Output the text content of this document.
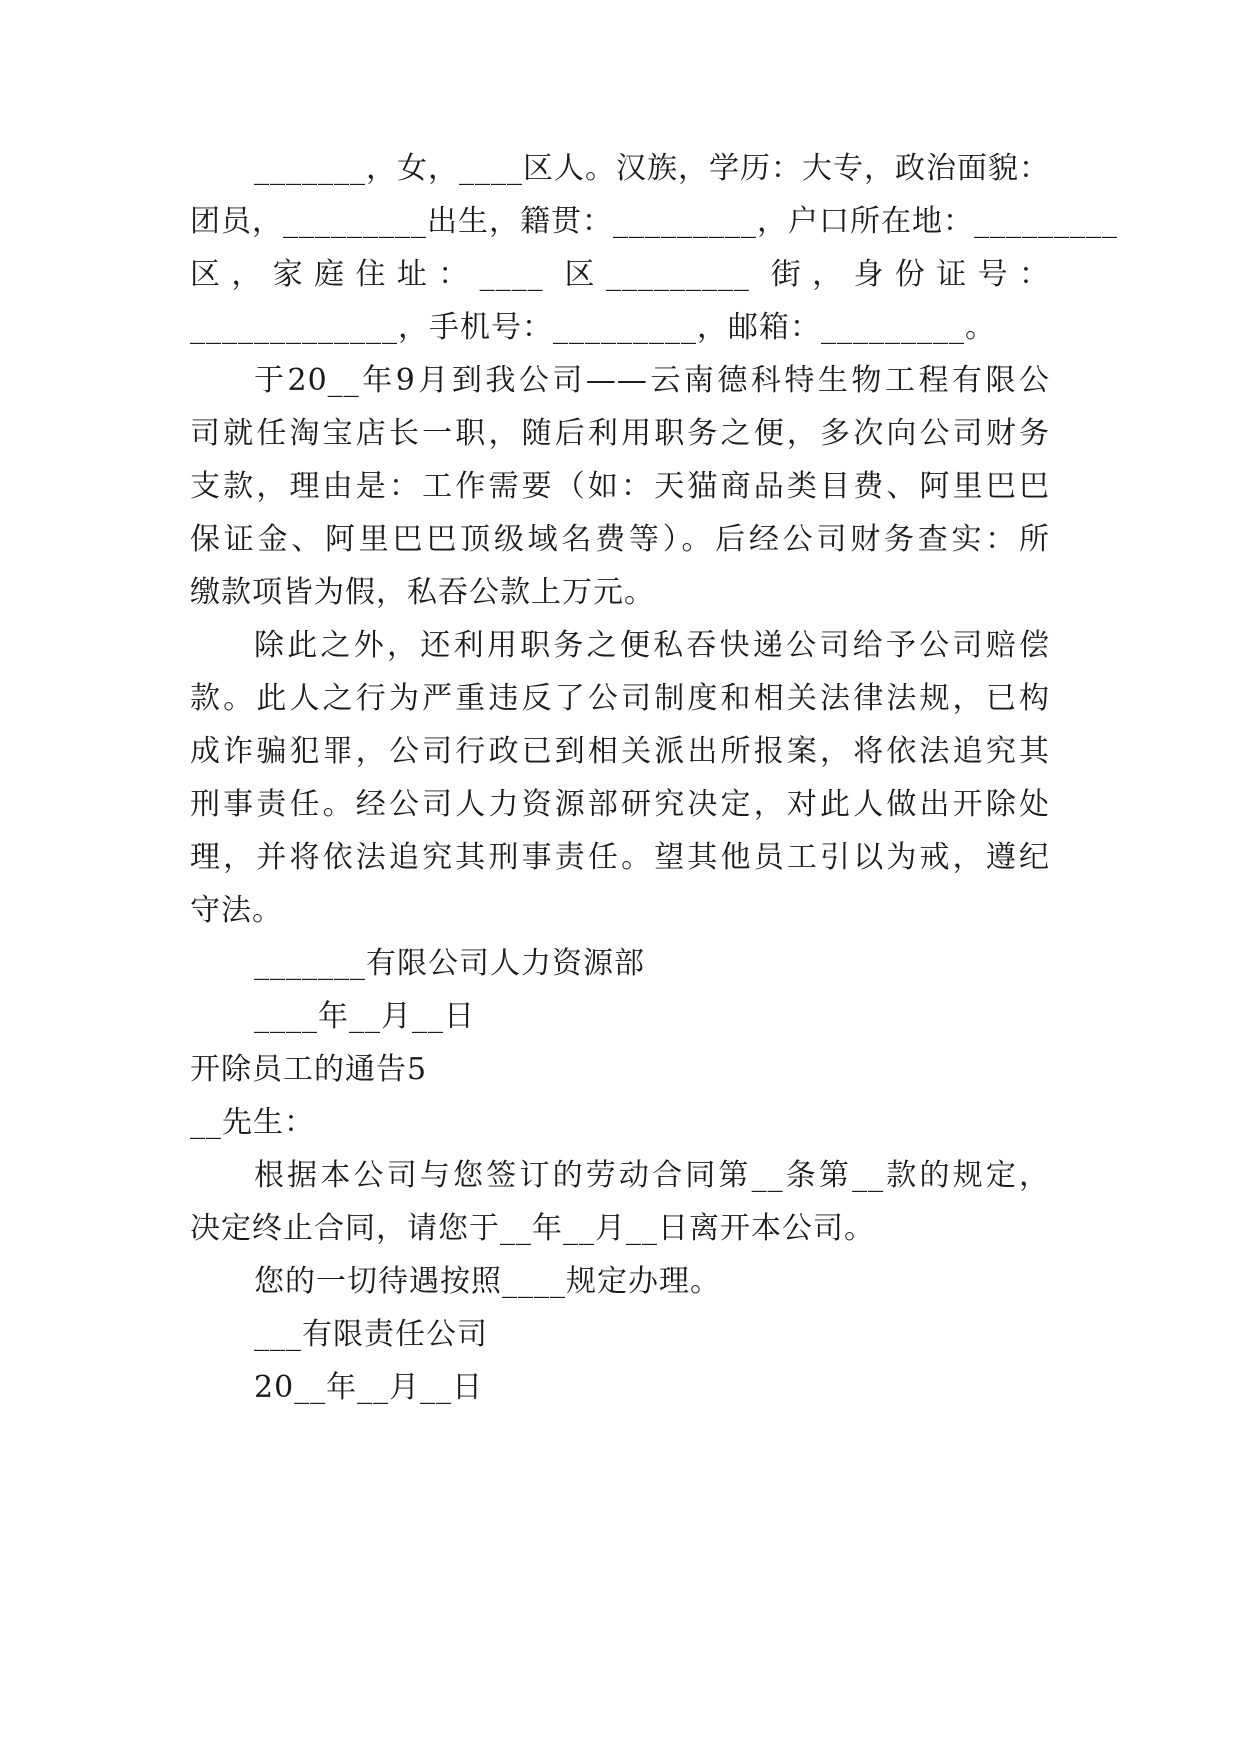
_______，女，____区人。汉族，学历：大专，政治面貌：
团员，_________出生，籍贯：_________，户口所在地：_________
区，家庭住址：____ 区_________ 街，身份证号：
_____________，手机号：_________，邮箱：_________。
于20__年9月到我公司——云南德科特生物工程有限公
司就任淘宝店长一职，随后利用职务之便，多次向公司财务
支款，理由是：工作需要（如：天猫商品类目费、阿里巴巴
保证金、阿里巴巴顶级域名费等）。后经公司财务查实：所
缴款项皆为假，私吞公款上万元。
除此之外，还利用职务之便私吞快递公司给予公司赔偿
款。此人之行为严重违反了公司制度和相关法律法规，已构
成诈骗犯罪，公司行政已到相关派出所报案，将依法追究其
刑事责任。经公司人力资源部研究决定，对此人做出开除处
理，并将依法追究其刑事责任。望其他员工引以为戒，遵纪
守法。
_______有限公司人力资源部
____年__月__日
开除员工的通告5
__先生：
根据本公司与您签订的劳动合同第__条第__款的规定，
决定终止合同，请您于__年__月__日离开本公司。
您的一切待遇按照____规定办理。
___有限责任公司
20__年__月__日
